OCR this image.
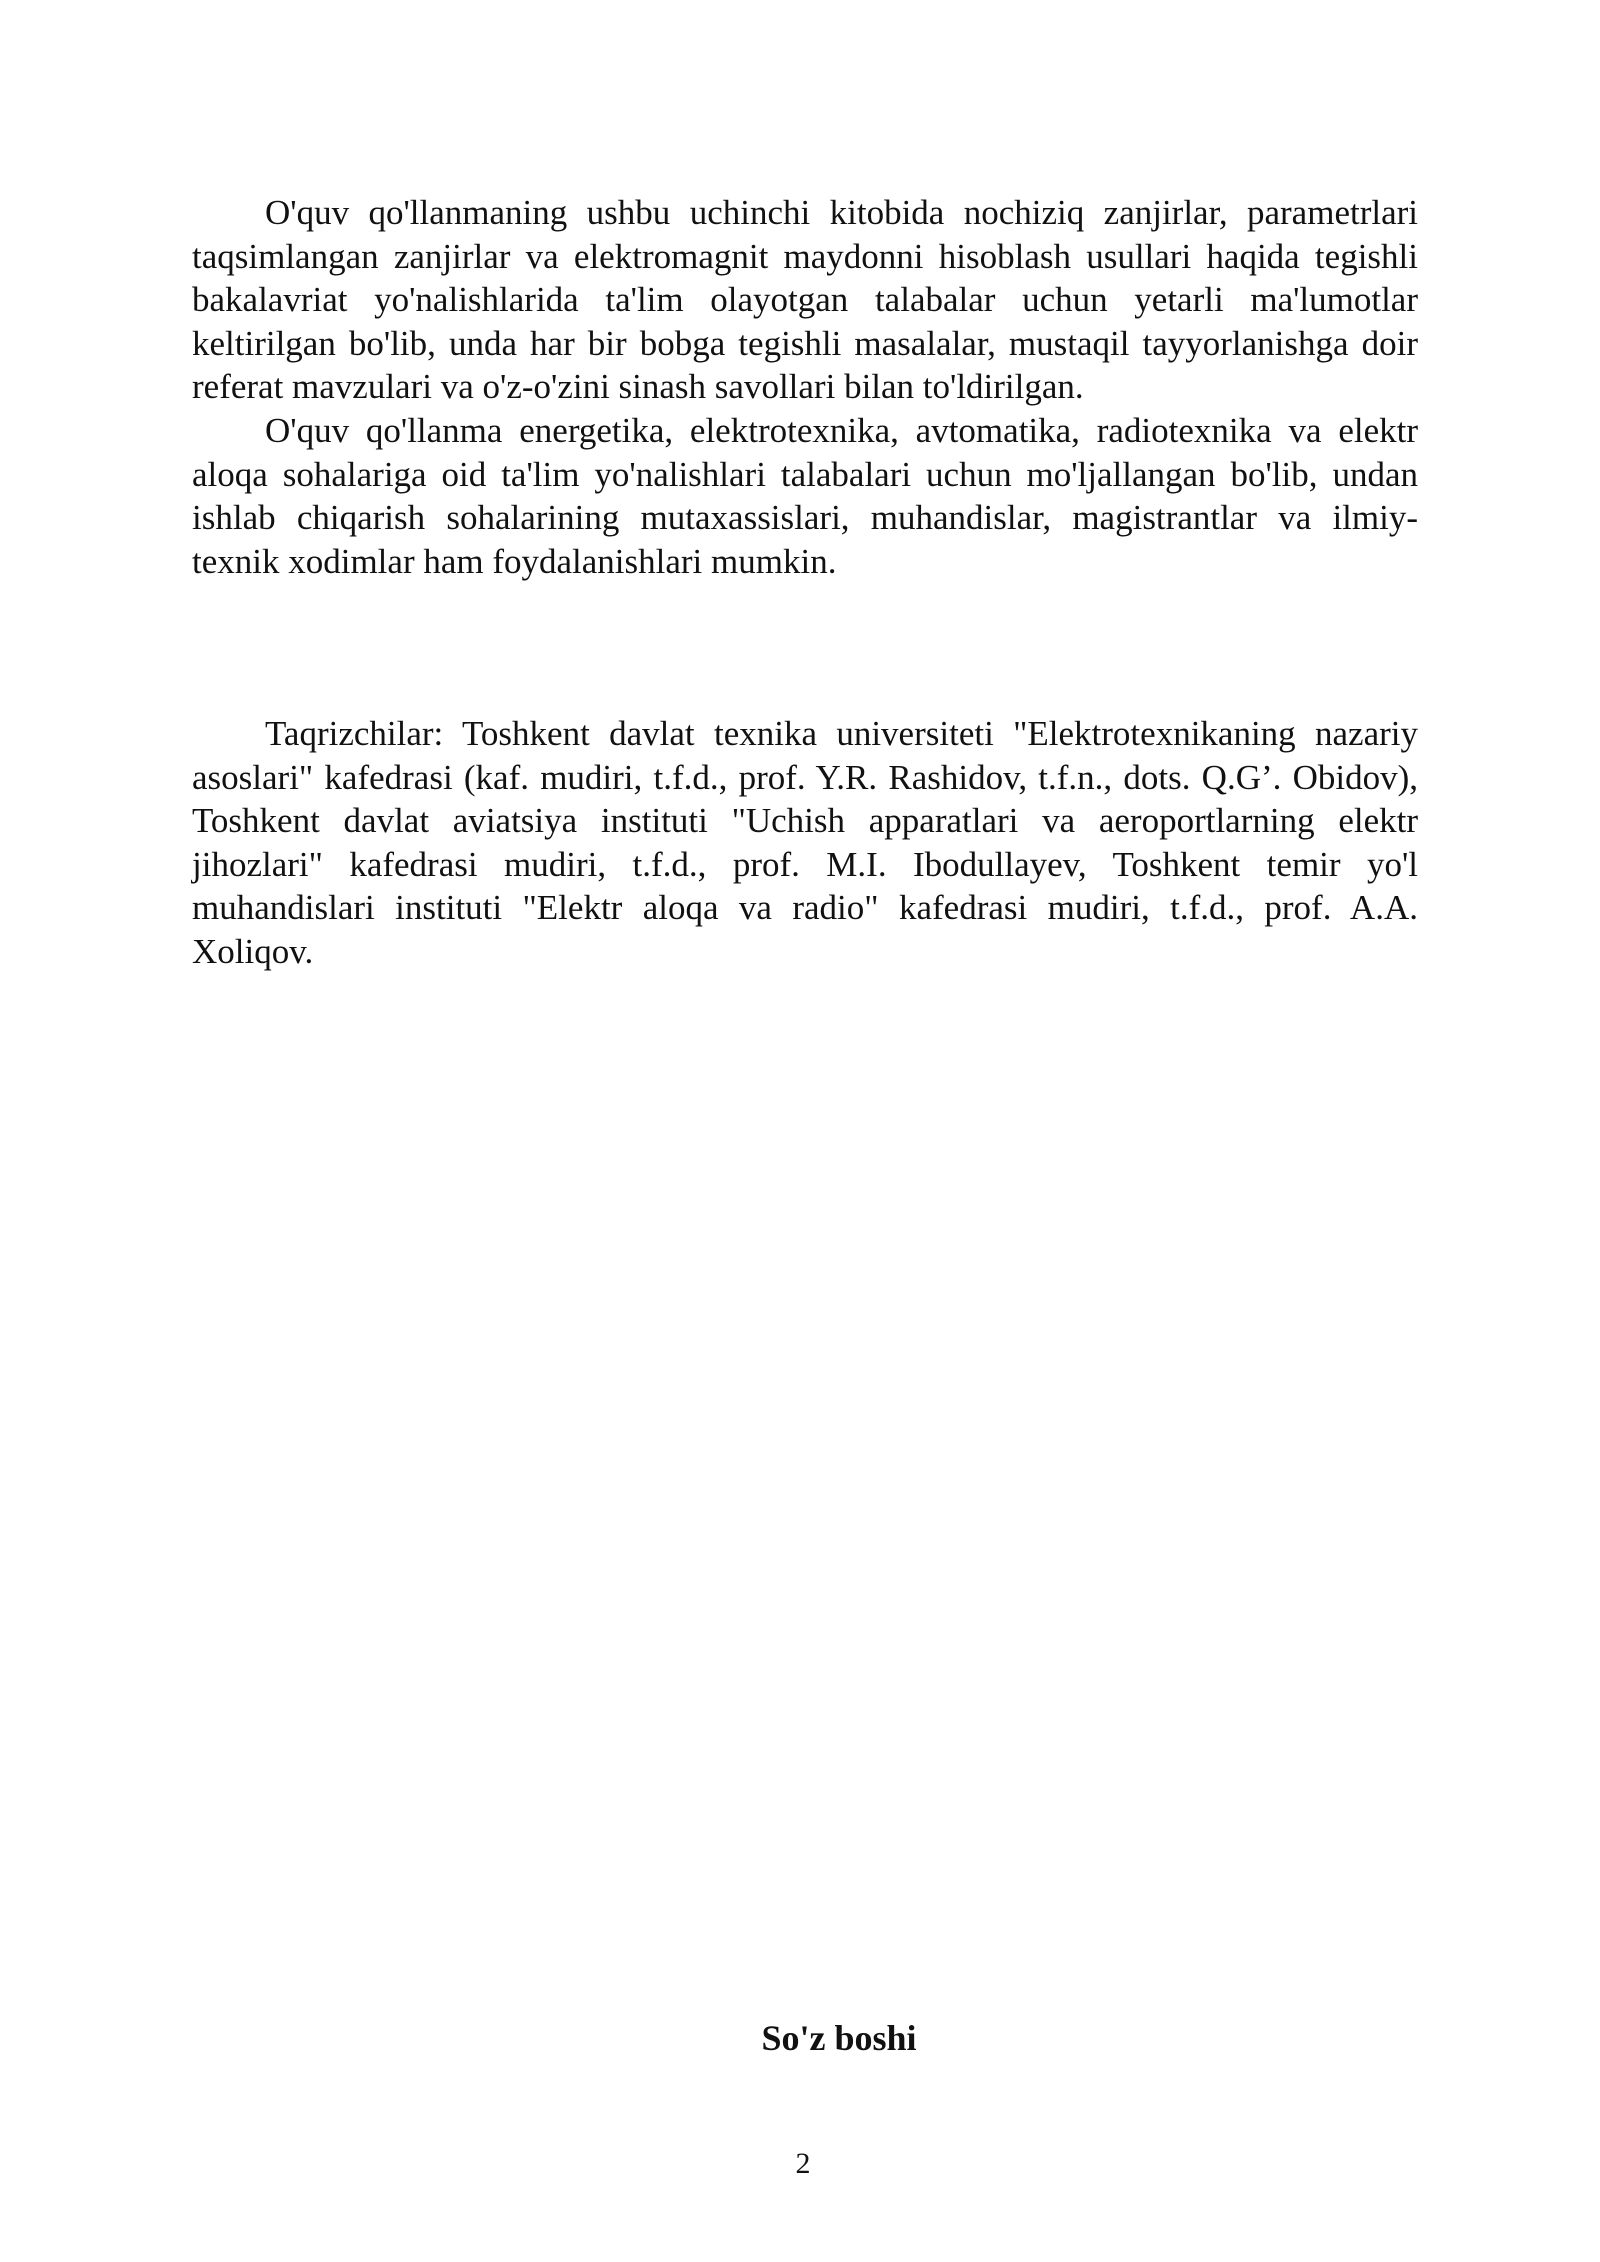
O'quv qo'llanmaning ushbu uchinchi kitobida nochiziq zanjirlar, parametrlari taqsimlangan zanjirlar va elektromagnit maydonni hisoblash usullari haqida tegishli bakalavriat yo'nalishlarida ta'lim olayotgan talabalar uchun yetarli ma'lumotlar keltirilgan bo'lib, unda har bir bobga tegishli masalalar, mustaqil tayyorlanishga doir referat mavzulari va o'z-o'zini sinash savollari bilan to'ldirilgan.

O'quv qo'llanma energetika, elektrotexnika, avtomatika, radiotexnika va elektr aloqa sohalariga oid ta'lim yo'nalishlari talabalari uchun mo'ljallangan bo'lib, undan ishlab chiqarish sohalarining mutaxassislari, muhandislar, magistrantlar va ilmiy-texnik xodimlar ham foydalanishlari mumkin.

Taqrizchilar: Toshkent davlat texnika universiteti "Elektrotexnikaning nazariy asoslari" kafedrasi (kaf. mudiri, t.f.d., prof. Y.R. Rashidov, t.f.n., dots. Q.G’. Obidov), Toshkent davlat aviatsiya instituti "Uchish apparatlari va aeroportlarning elektr jihozlari" kafedrasi mudiri, t.f.d., prof. M.I. Ibodullayev, Toshkent temir yo'l muhandislari instituti "Elektr aloqa va radio" kafedrasi mudiri, t.f.d., prof. A.A. Xoliqov.

So'z boshi
2
